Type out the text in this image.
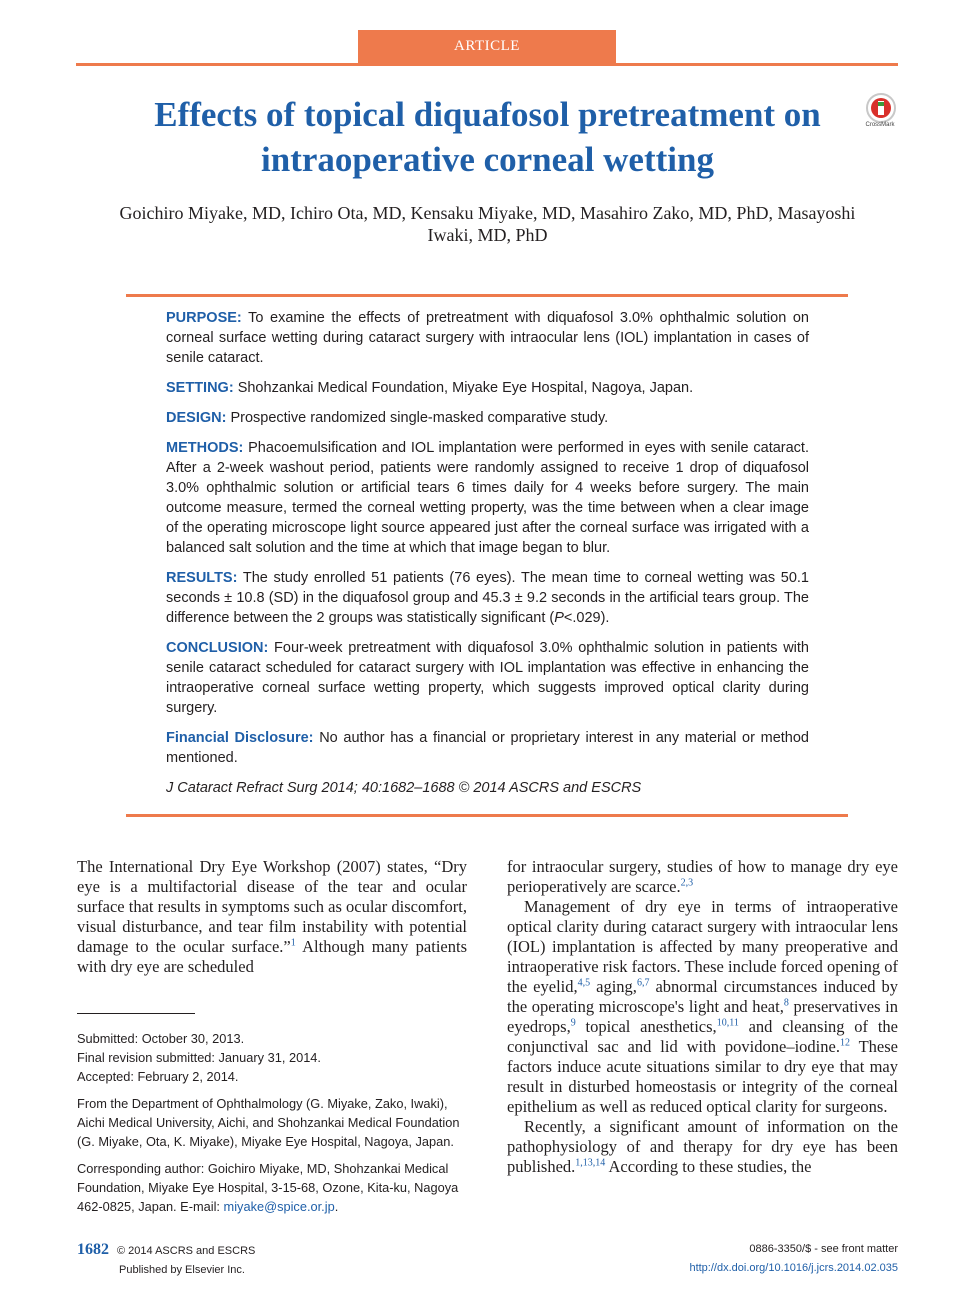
ARTICLE
Effects of topical diquafosol pretreatment on intraoperative corneal wetting
CrossMark

Goichiro Miyake, MD, Ichiro Ota, MD, Kensaku Miyake, MD, Masahiro Zako, MD, PhD, Masayoshi Iwaki, MD, PhD

PURPOSE: To examine the effects of pretreatment with diquafosol 3.0% ophthalmic solution on corneal surface wetting during cataract surgery with intraocular lens (IOL) implantation in cases of senile cataract.

SETTING: Shohzankai Medical Foundation, Miyake Eye Hospital, Nagoya, Japan.

DESIGN: Prospective randomized single-masked comparative study.

METHODS: Phacoemulsification and IOL implantation were performed in eyes with senile cataract. After a 2-week washout period, patients were randomly assigned to receive 1 drop of diquafosol 3.0% ophthalmic solution or artificial tears 6 times daily for 4 weeks before surgery. The main outcome measure, termed the corneal wetting property, was the time between when a clear image of the operating microscope light source appeared just after the corneal surface was irrigated with a balanced salt solution and the time at which that image began to blur.

RESULTS: The study enrolled 51 patients (76 eyes). The mean time to corneal wetting was 50.1 seconds ± 10.8 (SD) in the diquafosol group and 45.3 ± 9.2 seconds in the artificial tears group. The difference between the 2 groups was statistically significant (P<.029).

CONCLUSION: Four-week pretreatment with diquafosol 3.0% ophthalmic solution in patients with senile cataract scheduled for cataract surgery with IOL implantation was effective in enhancing the intraoperative corneal surface wetting property, which suggests improved optical clarity during surgery.

Financial Disclosure: No author has a financial or proprietary interest in any material or method mentioned.

J Cataract Refract Surg 2014; 40:1682–1688 © 2014 ASCRS and ESCRS

The International Dry Eye Workshop (2007) states, “Dry eye is a multifactorial disease of the tear and ocular surface that results in symptoms such as ocular discomfort, visual disturbance, and tear film instability with potential damage to the ocular surface.”$^1$ Although many patients with dry eye are scheduled

Submitted: October 30, 2013.
Final revision submitted: January 31, 2014.
Accepted: February 2, 2014.

From the Department of Ophthalmology (G. Miyake, Zako, Iwaki), Aichi Medical University, Aichi, and Shohzankai Medical Foundation (G. Miyake, Ota, K. Miyake), Miyake Eye Hospital, Nagoya, Japan.

Corresponding author: Goichiro Miyake, MD, Shohzankai Medical Foundation, Miyake Eye Hospital, 3-15-68, Ozone, Kita-ku, Nagoya 462-0825, Japan. E-mail: miyake@spice.or.jp.

for intraocular surgery, studies of how to manage dry eye perioperatively are scarce.$^{2,3}$

Management of dry eye in terms of intraoperative optical clarity during cataract surgery with intraocular lens (IOL) implantation is affected by many preoperative and intraoperative risk factors. These include forced opening of the eyelid,$^{4,5}$ aging,$^{6,7}$ abnormal circumstances induced by the operating microscope's light and heat,$^8$ preservatives in eyedrops,$^9$ topical anesthetics,$^{10,11}$ and cleansing of the conjunctival sac and lid with povidone–iodine.$^{12}$ These factors induce acute situations similar to dry eye that may result in disturbed homeostasis or integrity of the corneal epithelium as well as reduced optical clarity for surgeons.

Recently, a significant amount of information on the pathophysiology of and therapy for dry eye has been published.$^{1,13,14}$ According to these studies, the

1682 © 2014 ASCRS and ESCRS
Published by Elsevier Inc.
0886-3350/$ - see front matter
http://dx.doi.org/10.1016/j.jcrs.2014.02.035
